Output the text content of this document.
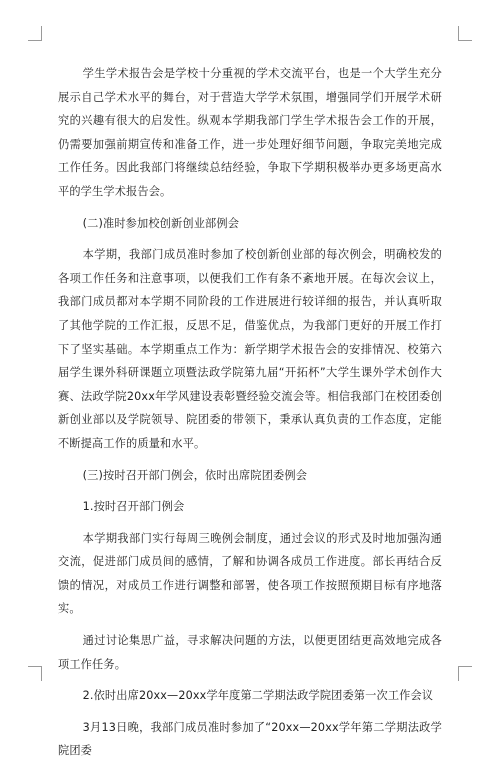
学生学术报告会是学校十分重视的学术交流平台，也是一个大学生充分展示自己学术水平的舞台，对于营造大学学术氛围，增强同学们开展学术研究的兴趣有很大的启发性。纵观本学期我部门学生学术报告会工作的开展，仍需要加强前期宣传和准备工作，进一步处理好细节问题，争取完美地完成工作任务。因此我部门将继续总结经验，争取下学期积极举办更多场更高水平的学生学术报告会。

(二)准时参加校创新创业部例会

本学期，我部门成员准时参加了校创新创业部的每次例会，明确校发的各项工作任务和注意事项，以便我们工作有条不紊地开展。在每次会议上，我部门成员都对本学期不同阶段的工作进展进行较详细的报告，并认真听取了其他学院的工作汇报，反思不足，借鉴优点，为我部门更好的开展工作打下了坚实基础。本学期重点工作为：新学期学术报告会的安排情况、校第六届学生课外科研课题立项暨法政学院第九届“开拓杯”大学生课外学术创作大赛、法政学院20xx年学风建设表彰暨经验交流会等。相信我部门在校团委创新创业部以及学院领导、院团委的带领下，秉承认真负责的工作态度，定能不断提高工作的质量和水平。

(三)按时召开部门例会，依时出席院团委例会

1.按时召开部门例会

本学期我部门实行每周三晚例会制度，通过会议的形式及时地加强沟通交流，促进部门成员间的感情，了解和协调各成员工作进度。部长再结合反馈的情况，对成员工作进行调整和部署，使各项工作按照预期目标有序地落实。

通过讨论集思广益，寻求解决问题的方法，以便更团结更高效地完成各项工作任务。

2.依时出席20xx—20xx学年度第二学期法政学院团委第一次工作会议

3月13日晚，我部门成员准时参加了“20xx—20xx学年第二学期法政学院团委
